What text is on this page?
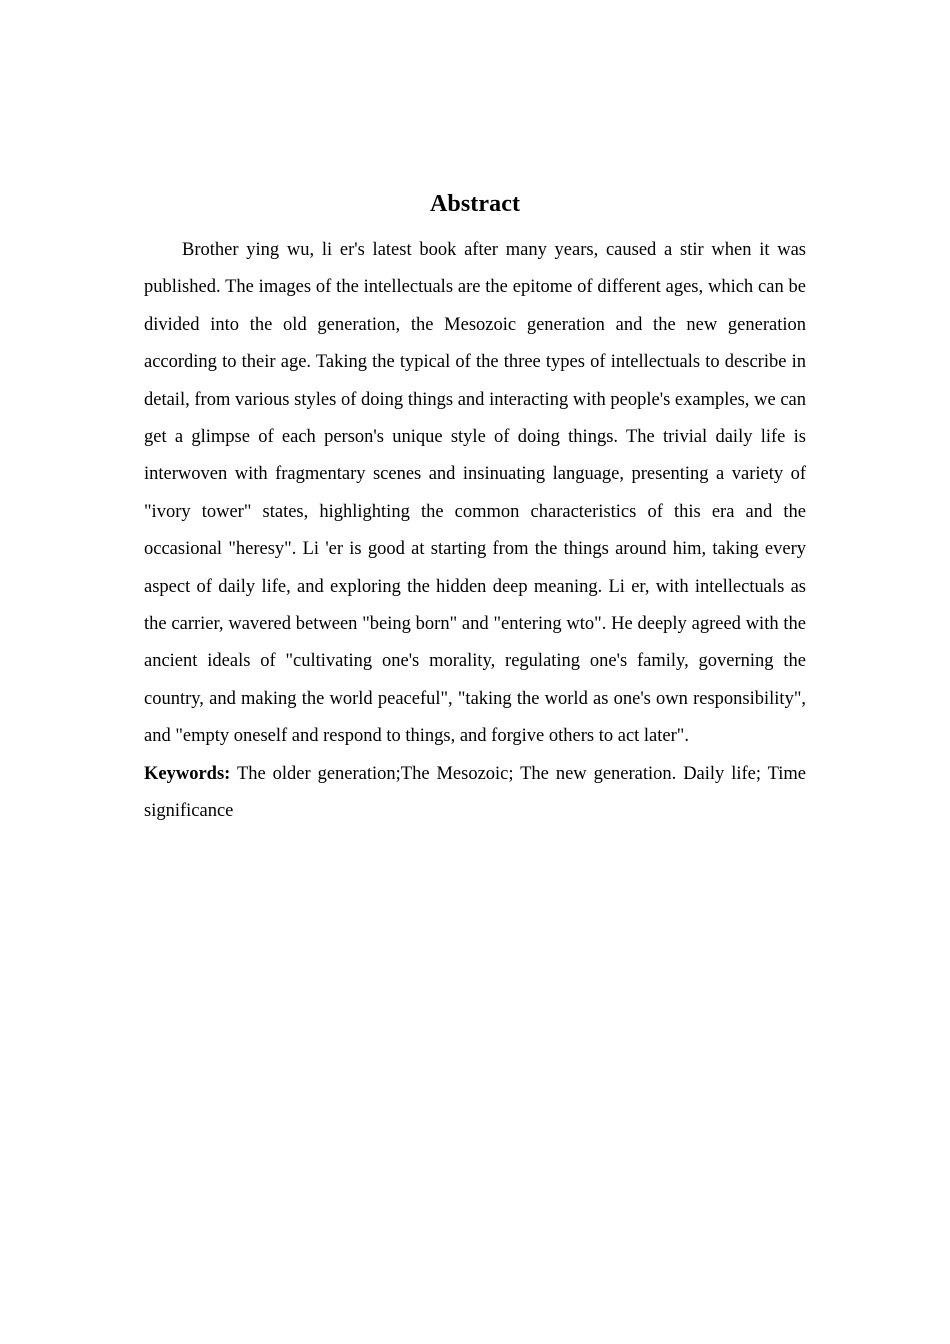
Abstract

Brother ying wu, li er's latest book after many years, caused a stir when it was published. The images of the intellectuals are the epitome of different ages, which can be divided into the old generation, the Mesozoic generation and the new generation according to their age. Taking the typical of the three types of intellectuals to describe in detail, from various styles of doing things and interacting with people's examples, we can get a glimpse of each person's unique style of doing things. The trivial daily life is interwoven with fragmentary scenes and insinuating language, presenting a variety of "ivory tower" states, highlighting the common characteristics of this era and the occasional "heresy". Li 'er is good at starting from the things around him, taking every aspect of daily life, and exploring the hidden deep meaning. Li er, with intellectuals as the carrier, wavered between "being born" and "entering wto". He deeply agreed with the ancient ideals of "cultivating one's morality, regulating one's family, governing the country, and making the world peaceful", "taking the world as one's own responsibility", and "empty oneself and respond to things, and forgive others to act later".

Keywords: The older generation;The Mesozoic; The new generation. Daily life; Time significance
